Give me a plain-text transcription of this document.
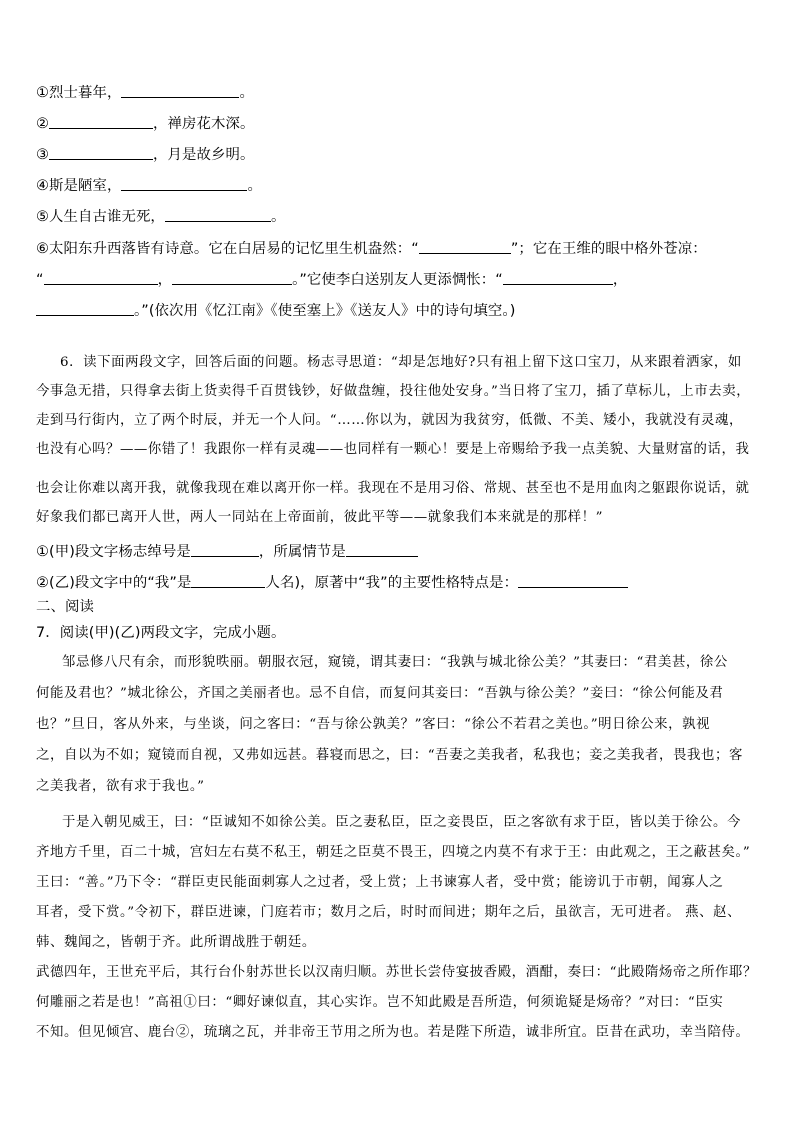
①烈士暮年，	。
②	，禅房花木深。
③	，月是故乡明。
④斯是陋室，	。
⑤人生自古谁无死，	。
⑥太阳东升西落皆有诗意。它在白居易的记忆里生机盎然：“	”；它在王维的眼中格外苍凉：
“	，	。”它使李白送别友人更添惆怅：“	，
。”(依次用《忆江南》《使至塞上》《送友人》中的诗句填空。)
6．读下面两段文字，回答后面的问题。杨志寻思道：“却是怎地好?只有祖上留下这口宝刀，从来跟着洒家，如
今事急无措，只得拿去街上货卖得千百贯钱钞，好做盘缠，投往他处安身。”当日将了宝刀，插了草标儿，上市去卖，
走到马行街内，立了两个时辰，并无一个人问。“……你以为，就因为我贫穷，低微、不美、矮小，我就没有灵魂，
也没有心吗？——你错了！我跟你一样有灵魂——也同样有一颗心！要是上帝赐给予我一点美貌、大量财富的话，我
也会让你难以离开我，就像我现在难以离开你一样。我现在不是用习俗、常规、甚至也不是用血肉之躯跟你说话，就
好象我们都已离开人世，两人一同站在上帝面前，彼此平等——就象我们本来就是的那样！”
①(甲)段文字杨志绰号是	，所属情节是
②(乙)段文字中的“我”是	人名)，原著中“我”的主要性格特点是：
二、阅读
7．阅读(甲)(乙)两段文字，完成小题。
邹忌修八尺有余，而形貌昳丽。朝服衣冠，窥镜，谓其妻曰：“我孰与城北徐公美？”其妻曰：“君美甚，徐公
何能及君也？”城北徐公，齐国之美丽者也。忌不自信，而复问其妾曰：“吾孰与徐公美？”妾曰：“徐公何能及君
也？”旦日，客从外来，与坐谈，问之客曰：“吾与徐公孰美？”客曰：“徐公不若君之美也。”明日徐公来，孰视
之，自以为不如；窥镜而自视，又弗如远甚。暮寝而思之，曰：“吾妻之美我者，私我也；妾之美我者，畏我也；客
之美我者，欲有求于我也。”
于是入朝见威王，曰：“臣诚知不如徐公美。臣之妻私臣，臣之妾畏臣，臣之客欲有求于臣，皆以美于徐公。今
齐地方千里，百二十城，宫妇左右莫不私王，朝廷之臣莫不畏王，四境之内莫不有求于王：由此观之，王之蔽甚矣。”
王曰：“善。”乃下令：“群臣吏民能面刺寡人之过者，受上赏；上书谏寡人者，受中赏；能谤讥于市朝，闻寡人之
耳者，受下赏。”令初下，群臣进谏，门庭若市；数月之后，时时而间进；期年之后，虽欲言，无可进者。 燕、赵、
韩、魏闻之，皆朝于齐。此所谓战胜于朝廷。
武德四年，王世充平后，其行台仆射苏世长以汉南归顺。苏世长尝侍宴披香殿，酒酣，奏曰：“此殿隋炀帝之所作耶？
何雕丽之若是也！”高祖①曰：“卿好谏似直，其心实诈。岂不知此殿是吾所造，何须诡疑是炀帝？”对曰：“臣实
不知。但见倾宫、鹿台②，琉璃之瓦，并非帝王节用之所为也。若是陛下所造，诚非所宜。臣昔在武功，幸当陪侍。
